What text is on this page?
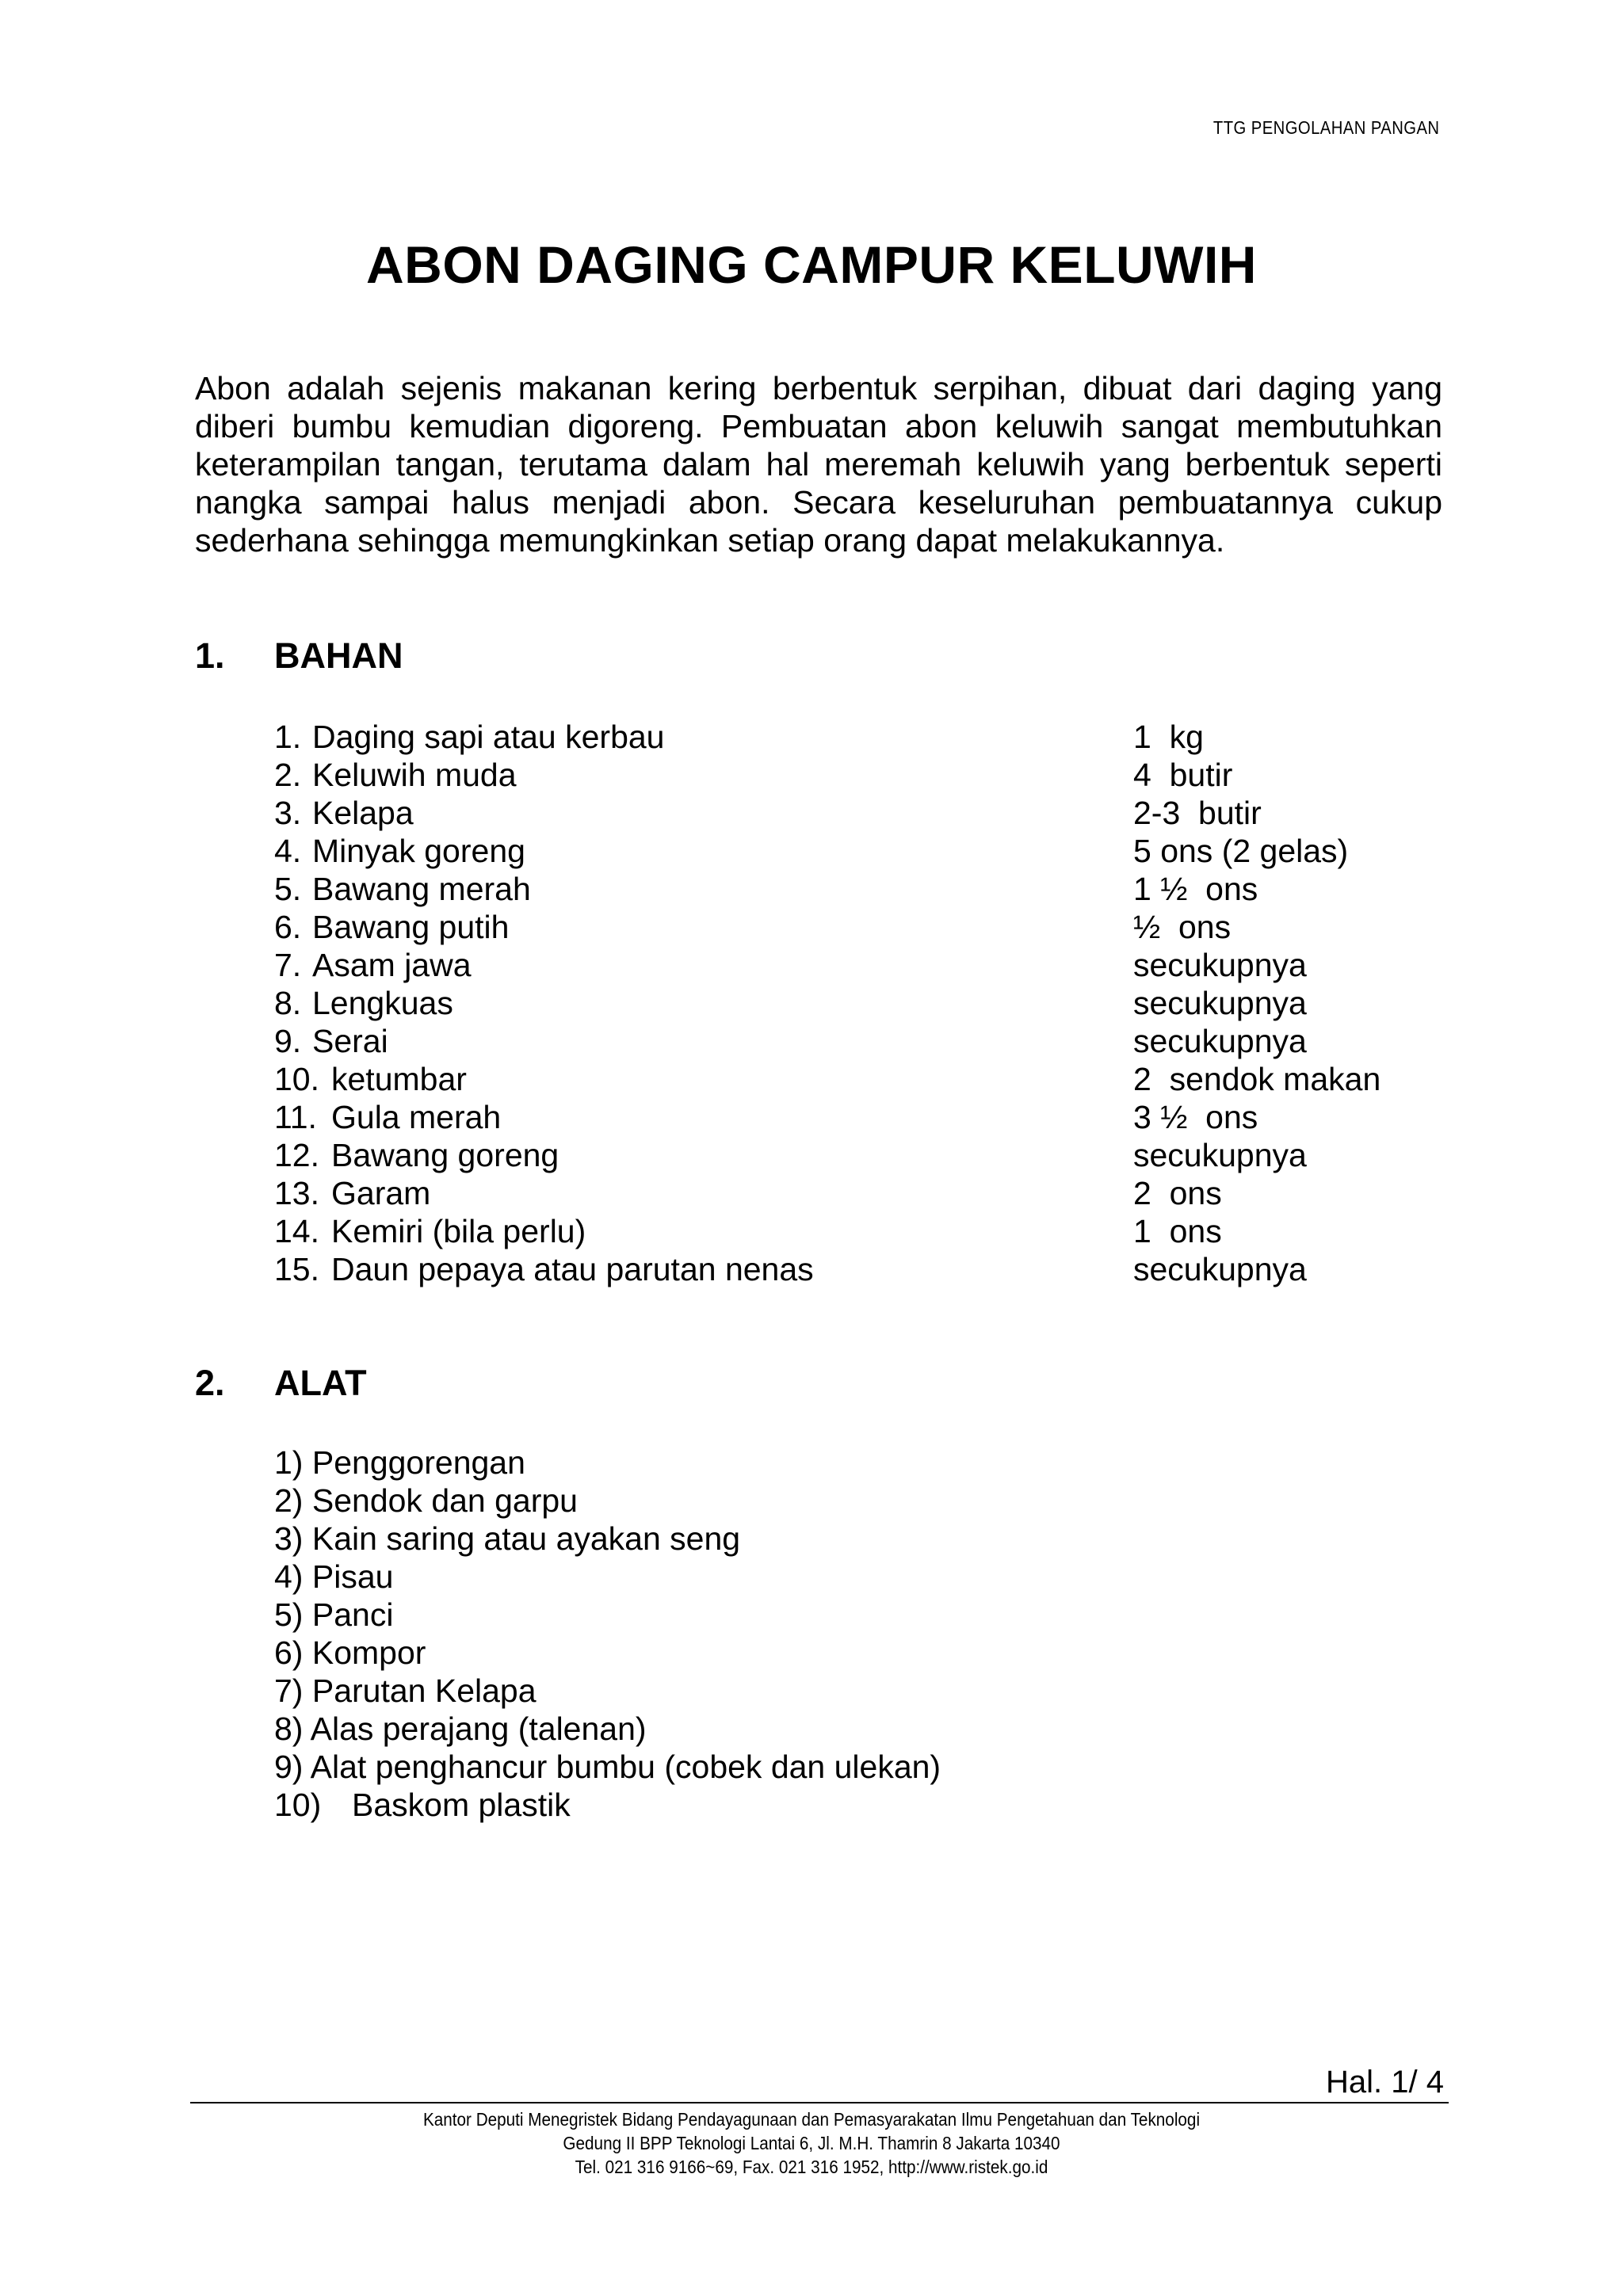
TTG PENGOLAHAN PANGAN
ABON DAGING CAMPUR KELUWIH

Abon adalah sejenis makanan kering berbentuk serpihan, dibuat dari daging yang diberi bumbu kemudian digoreng. Pembuatan abon keluwih sangat membutuhkan keterampilan tangan, terutama dalam hal meremah keluwih yang berbentuk seperti nangka sampai halus menjadi abon. Secara keseluruhan pembuatannya cukup sederhana sehingga memungkinkan setiap orang dapat melakukannya.

1. BAHAN
1. Daging sapi atau kerbau	1  kg
2. Keluwih muda	4  butir
3. Kelapa	2-3  butir
4. Minyak goreng	5 ons (2 gelas)
5. Bawang merah	1 ½  ons
6. Bawang putih	½  ons
7. Asam jawa	secukupnya
8. Lengkuas	secukupnya
9. Serai	secukupnya
10. ketumbar	2  sendok makan
11. Gula merah	3 ½  ons
12. Bawang goreng	secukupnya
13. Garam	2  ons
14. Kemiri (bila perlu)	1  ons
15. Daun pepaya atau parutan nenas	secukupnya
2. ALAT
1) Penggorengan
2) Sendok dan garpu
3) Kain saring atau ayakan seng
4) Pisau
5) Panci
6) Kompor
7) Parutan Kelapa
8) Alas perajang (talenan)
9) Alat penghancur bumbu (cobek dan ulekan)
10) Baskom plastik
Hal. 1/ 4
Kantor Deputi Menegristek Bidang Pendayagunaan dan Pemasyarakatan Ilmu Pengetahuan dan Teknologi
Gedung II BPP Teknologi Lantai 6, Jl. M.H. Thamrin 8 Jakarta 10340
Tel. 021 316 9166~69, Fax. 021 316 1952, http://www.ristek.go.id
